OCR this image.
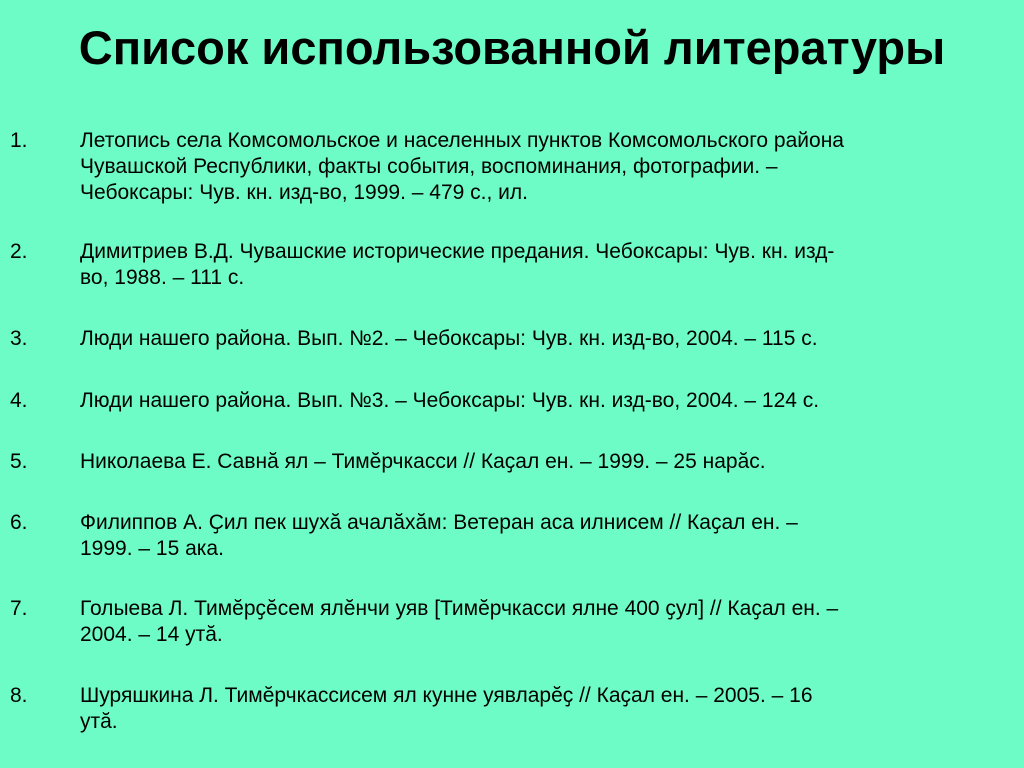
Список использованной литературы
1. Летопись села Комсомольское и населенных пунктов Комсомольского района
Чувашской Республики, факты события, воспоминания, фотографии. –
Чебоксары: Чув. кн. изд-во, 1999. – 479 с., ил.
2. Димитриев В.Д. Чувашские исторические предания. Чебоксары: Чув. кн. изд-
во, 1988. – 111 с.
3. Люди нашего района. Вып. №2. – Чебоксары: Чув. кн. изд-во, 2004. – 115 с.
4. Люди нашего района. Вып. №3. – Чебоксары: Чув. кн. изд-во, 2004. – 124 с.
5. Николаева Е. Савнӑ ял – Тимӗрчкасси // Каҫал ен. – 1999. – 25 нарӑс.
6. Филиппов А. Ҫил пек шухӑ ачалӑхӑм: Ветеран аса илнисем // Каҫал ен. –
1999. – 15 ака.
7. Голыева Л. Тимӗрҫӗсем ялӗнчи уяв [Тимӗрчкасси ялне 400 ҫул] // Каҫал ен. –
2004. – 14 утӑ.
8. Шуряшкина Л. Тимӗрчкассисем ял кунне уявларӗҫ // Каҫал ен. – 2005. – 16
утӑ.
